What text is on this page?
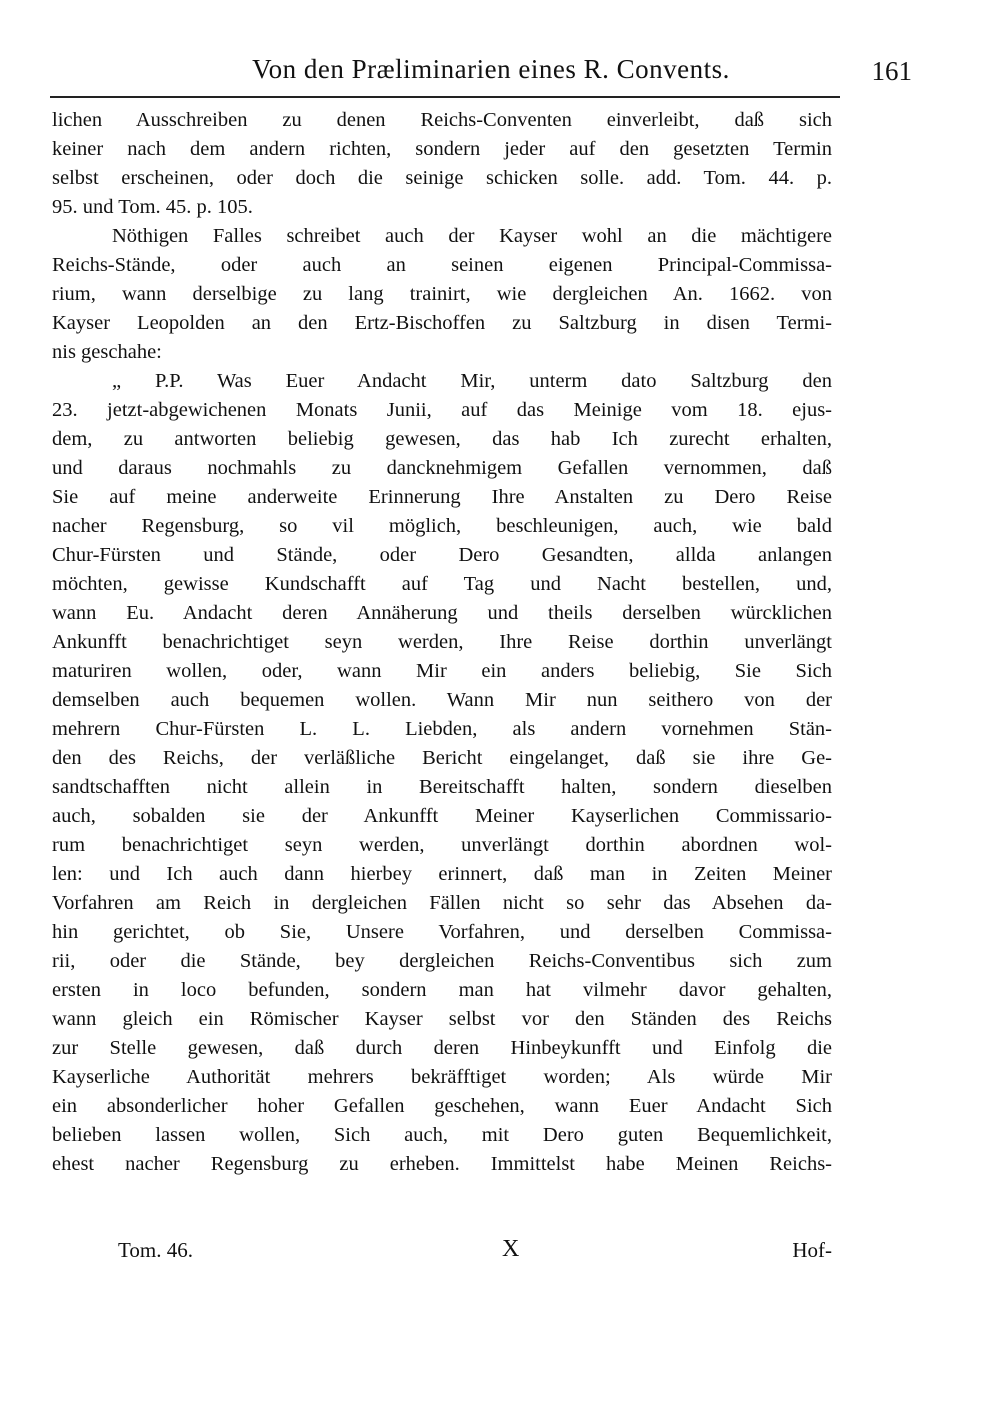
Von den Præliminarien eines R. Convents.	161
lichen Ausschreiben zu denen Reichs-Conventen einverleibt, daß sich
keiner nach dem andern richten, sondern jeder auf den gesetzten Termin
selbst erscheinen, oder doch die seinige schicken solle. add. Tom. 44. p.
95. und Tom. 45. p. 105.
Nöthigen Falles schreibet auch der Kayser wohl an die mächtigere
Reichs-Stände, oder auch an seinen eigenen Principal-Commissa-
rium, wann derselbige zu lang trainirt, wie dergleichen An. 1662. von
Kayser Leopolden an den Ertz-Bischoffen zu Saltzburg in disen Termi-
nis geschahe:
„ P.P. Was Euer Andacht Mir, unterm dato Saltzburg den
23. jetzt-abgewichenen Monats Junii, auf das Meinige vom 18. ejus-
dem, zu antworten beliebig gewesen, das hab Ich zurecht erhalten,
und daraus nochmahls zu dancknehmigem Gefallen vernommen, daß
Sie auf meine anderweite Erinnerung Ihre Anstalten zu Dero Reise
nacher Regensburg, so vil möglich, beschleunigen, auch, wie bald
Chur-Fürsten und Stände, oder Dero Gesandten, allda anlangen
möchten, gewisse Kundschafft auf Tag und Nacht bestellen, und,
wann Eu. Andacht deren Annäherung und theils derselben würcklichen
Ankunfft benachrichtiget seyn werden, Ihre Reise dorthin unverlängt
maturiren wollen, oder, wann Mir ein anders beliebig, Sie Sich
demselben auch bequemen wollen. Wann Mir nun seithero von der
mehrern Chur-Fürsten L. L. Liebden, als andern vornehmen Stän-
den des Reichs, der verläßliche Bericht eingelanget, daß sie ihre Ge-
sandtschafften nicht allein in Bereitschafft halten, sondern dieselben
auch, sobalden sie der Ankunfft Meiner Kayserlichen Commissario-
rum benachrichtiget seyn werden, unverlängt dorthin abordnen wol-
len: und Ich auch dann hierbey erinnert, daß man in Zeiten Meiner
Vorfahren am Reich in dergleichen Fällen nicht so sehr das Absehen da-
hin gerichtet, ob Sie, Unsere Vorfahren, und derselben Commissa-
rii, oder die Stände, bey dergleichen Reichs-Conventibus sich zum
ersten in loco befunden, sondern man hat vilmehr davor gehalten,
wann gleich ein Römischer Kayser selbst vor den Ständen des Reichs
zur Stelle gewesen, daß durch deren Hinbeykunfft und Einfolg die
Kayserliche Authorität mehrers bekräfftiget worden; Als würde Mir
ein absonderlicher hoher Gefallen geschehen, wann Euer Andacht Sich
belieben lassen wollen, Sich auch, mit Dero guten Bequemlichkeit,
ehest nacher Regensburg zu erheben. Immittelst habe Meinen Reichs-
Tom. 46.	X	Hof-
